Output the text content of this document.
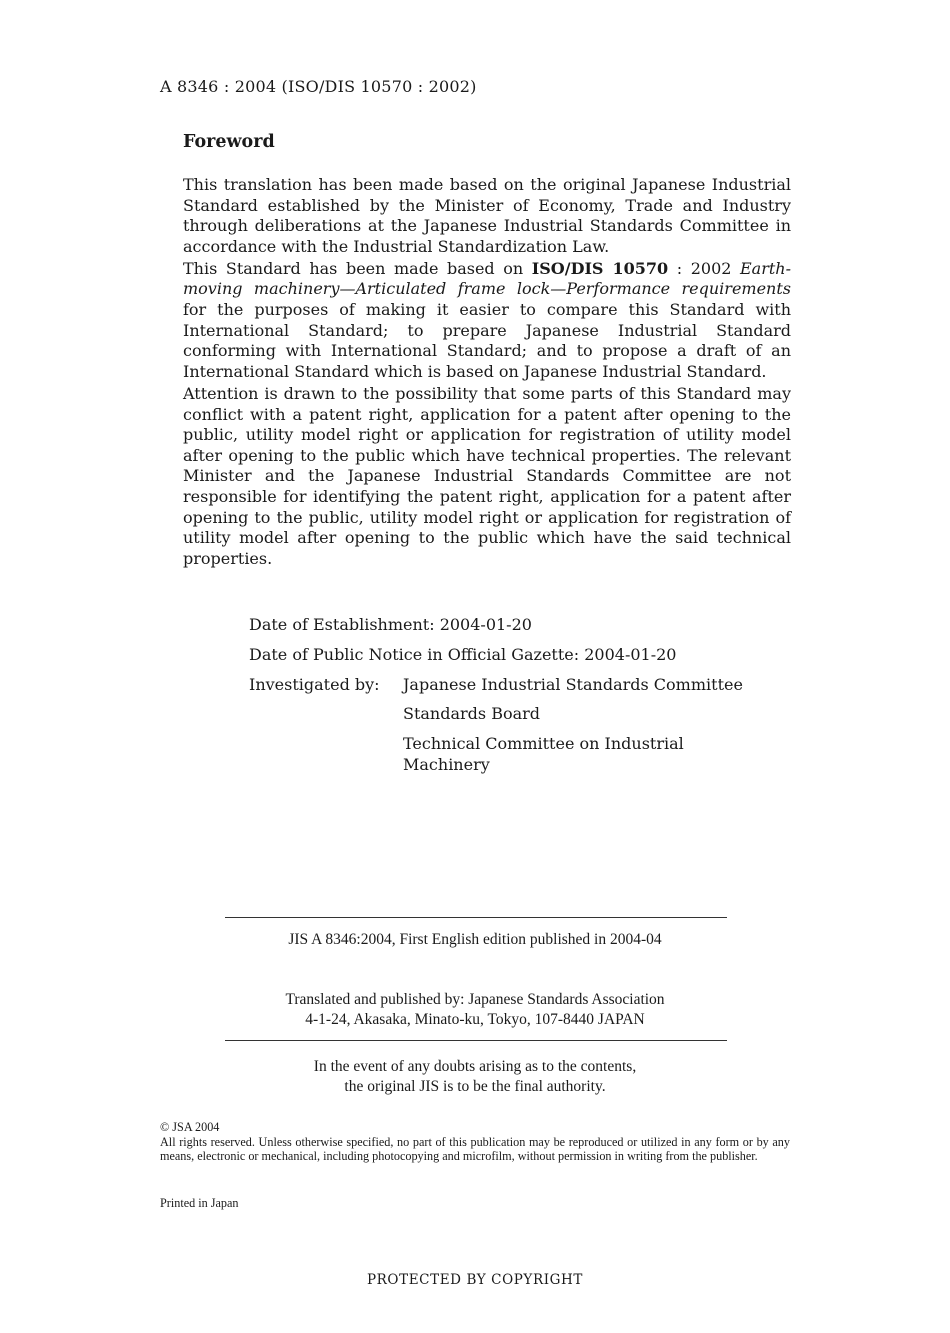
A 8346 : 2004 (ISO/DIS 10570 : 2002)
Foreword

This translation has been made based on the original Japanese Industrial Standard established by the Minister of Economy, Trade and Industry through deliberations at the Japanese Industrial Standards Committee in accordance with the Industrial Standardization Law.

This Standard has been made based on ISO/DIS 10570 : 2002 Earth-moving machinery—Articulated frame lock—Performance requirements for the purposes of making it easier to compare this Standard with International Standard; to prepare Japanese Industrial Standard conforming with International Standard; and to propose a draft of an International Standard which is based on Japanese Industrial Standard.

Attention is drawn to the possibility that some parts of this Standard may conflict with a patent right, application for a patent after opening to the public, utility model right or application for registration of utility model after opening to the public which have technical properties. The relevant Minister and the Japanese Industrial Standards Committee are not responsible for identifying the patent right, application for a patent after opening to the public, utility model right or application for registration of utility model after opening to the public which have the said technical properties.

Date of Establishment: 2004-01-20
Date of Public Notice in Official Gazette: 2004-01-20
Investigated by: Japanese Industrial Standards Committee
Standards Board
Technical Committee on Industrial Machinery
JIS A 8346:2004, First English edition published in 2004-04
Translated and published by: Japanese Standards Association
4-1-24, Akasaka, Minato-ku, Tokyo, 107-8440 JAPAN
In the event of any doubts arising as to the contents,
the original JIS is to be the final authority.

© JSA 2004

All rights reserved. Unless otherwise specified, no part of this publication may be reproduced or utilized in any form or by any means, electronic or mechanical, including photocopying and microfilm, without permission in writing from the publisher.

Printed in Japan
PROTECTED BY COPYRIGHT
